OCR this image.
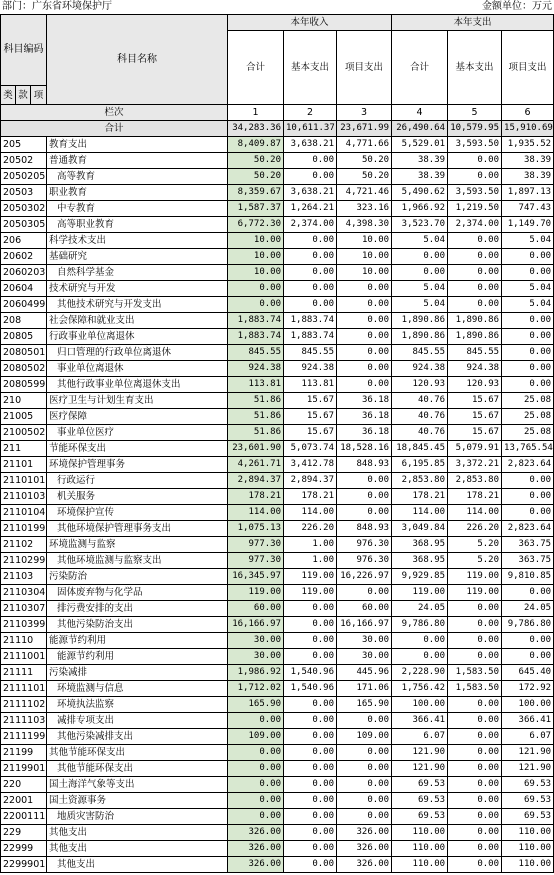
部门：广东省环境保护厅	金额单位：万元
科目编码			科目名称	本年收入			本年支出		
				合计	基本支出	项目支出	合计	基本支出	项目支出
类	款	项							
栏次				1	2	3	4	5	6
合计				34,283.36	10,611.37	23,671.99	26,490.64	10,579.95	15,910.69
205			教育支出	8,409.87	3,638.21	4,771.66	5,529.01	3,593.50	1,935.52
20502			普通教育	50.20	0.00	50.20	38.39	0.00	38.39
2050205			高等教育	50.20	0.00	50.20	38.39	0.00	38.39
20503			职业教育	8,359.67	3,638.21	4,721.46	5,490.62	3,593.50	1,897.13
2050302			中专教育	1,587.37	1,264.21	323.16	1,966.92	1,219.50	747.43
2050305			高等职业教育	6,772.30	2,374.00	4,398.30	3,523.70	2,374.00	1,149.70
206			科学技术支出	10.00	0.00	10.00	5.04	0.00	5.04
20602			基础研究	10.00	0.00	10.00	0.00	0.00	0.00
2060203			自然科学基金	10.00	0.00	10.00	0.00	0.00	0.00
20604			技术研究与开发	0.00	0.00	0.00	5.04	0.00	5.04
2060499			其他技术研究与开发支出	0.00	0.00	0.00	5.04	0.00	5.04
208			社会保障和就业支出	1,883.74	1,883.74	0.00	1,890.86	1,890.86	0.00
20805			行政事业单位离退休	1,883.74	1,883.74	0.00	1,890.86	1,890.86	0.00
2080501			归口管理的行政单位离退休	845.55	845.55	0.00	845.55	845.55	0.00
2080502			事业单位离退休	924.38	924.38	0.00	924.38	924.38	0.00
2080599			其他行政事业单位离退休支出	113.81	113.81	0.00	120.93	120.93	0.00
210			医疗卫生与计划生育支出	51.86	15.67	36.18	40.76	15.67	25.08
21005			医疗保障	51.86	15.67	36.18	40.76	15.67	25.08
2100502			事业单位医疗	51.86	15.67	36.18	40.76	15.67	25.08
211			节能环保支出	23,601.90	5,073.74	18,528.16	18,845.45	5,079.91	13,765.54
21101			环境保护管理事务	4,261.71	3,412.78	848.93	6,195.85	3,372.21	2,823.64
2110101			行政运行	2,894.37	2,894.37	0.00	2,853.80	2,853.80	0.00
2110103			机关服务	178.21	178.21	0.00	178.21	178.21	0.00
2110104			环境保护宣传	114.00	114.00	0.00	114.00	114.00	0.00
2110199			其他环境保护管理事务支出	1,075.13	226.20	848.93	3,049.84	226.20	2,823.64
21102			环境监测与监察	977.30	1.00	976.30	368.95	5.20	363.75
2110299			其他环境监测与监察支出	977.30	1.00	976.30	368.95	5.20	363.75
21103			污染防治	16,345.97	119.00	16,226.97	9,929.85	119.00	9,810.85
2110304			固体废弃物与化学品	119.00	119.00	0.00	119.00	119.00	0.00
2110307			排污费安排的支出	60.00	0.00	60.00	24.05	0.00	24.05
2110399			其他污染防治支出	16,166.97	0.00	16,166.97	9,786.80	0.00	9,786.80
21110			能源节约利用	30.00	0.00	30.00	0.00	0.00	0.00
2111001			能源节约利用	30.00	0.00	30.00	0.00	0.00	0.00
21111			污染减排	1,986.92	1,540.96	445.96	2,228.90	1,583.50	645.40
2111101			环境监测与信息	1,712.02	1,540.96	171.06	1,756.42	1,583.50	172.92
2111102			环境执法监察	165.90	0.00	165.90	100.00	0.00	100.00
2111103			减排专项支出	0.00	0.00	0.00	366.41	0.00	366.41
2111199			其他污染减排支出	109.00	0.00	109.00	6.07	0.00	6.07
21199			其他节能环保支出	0.00	0.00	0.00	121.90	0.00	121.90
2119901			其他节能环保支出	0.00	0.00	0.00	121.90	0.00	121.90
220			国土海洋气象等支出	0.00	0.00	0.00	69.53	0.00	69.53
22001			国土资源事务	0.00	0.00	0.00	69.53	0.00	69.53
2200111			地质灾害防治	0.00	0.00	0.00	69.53	0.00	69.53
229			其他支出	326.00	0.00	326.00	110.00	0.00	110.00
22999			其他支出	326.00	0.00	326.00	110.00	0.00	110.00
2299901			其他支出	326.00	0.00	326.00	110.00	0.00	110.00
